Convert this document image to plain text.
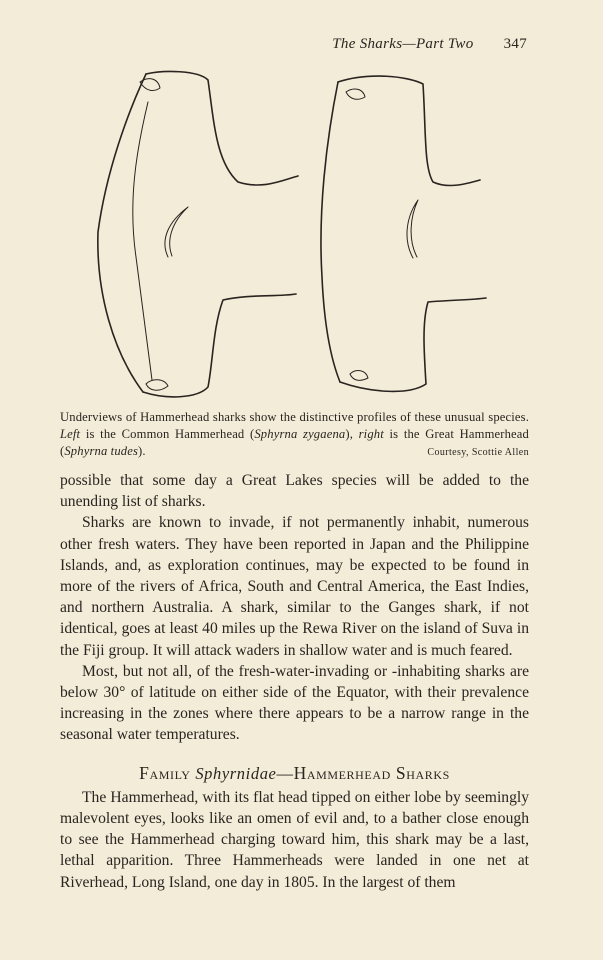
The Sharks—Part Two 347
Underviews of Hammerhead sharks show the distinctive profiles of these unusual species. Left is the Common Hammerhead (Sphyrna zygaena), right is the Great Hammerhead (Sphyrna tudes).	Courtesy, Scottie Allen

possible that some day a Great Lakes species will be added to the unending list of sharks.

Sharks are known to invade, if not permanently inhabit, numerous other fresh waters. They have been reported in Japan and the Philippine Islands, and, as exploration continues, may be expected to be found in more of the rivers of Africa, South and Central America, the East Indies, and northern Australia. A shark, similar to the Ganges shark, if not identical, goes at least 40 miles up the Rewa River on the island of Suva in the Fiji group. It will attack waders in shallow water and is much feared.

Most, but not all, of the fresh-water-invading or -inhabiting sharks are below 30° of latitude on either side of the Equator, with their prevalence increasing in the zones where there appears to be a narrow range in the seasonal water temperatures.

Family Sphyrnidae—Hammerhead Sharks

The Hammerhead, with its flat head tipped on either lobe by seemingly malevolent eyes, looks like an omen of evil and, to a bather close enough to see the Hammerhead charging toward him, this shark may be a last, lethal apparition. Three Hammerheads were landed in one net at Riverhead, Long Island, one day in 1805. In the largest of them
